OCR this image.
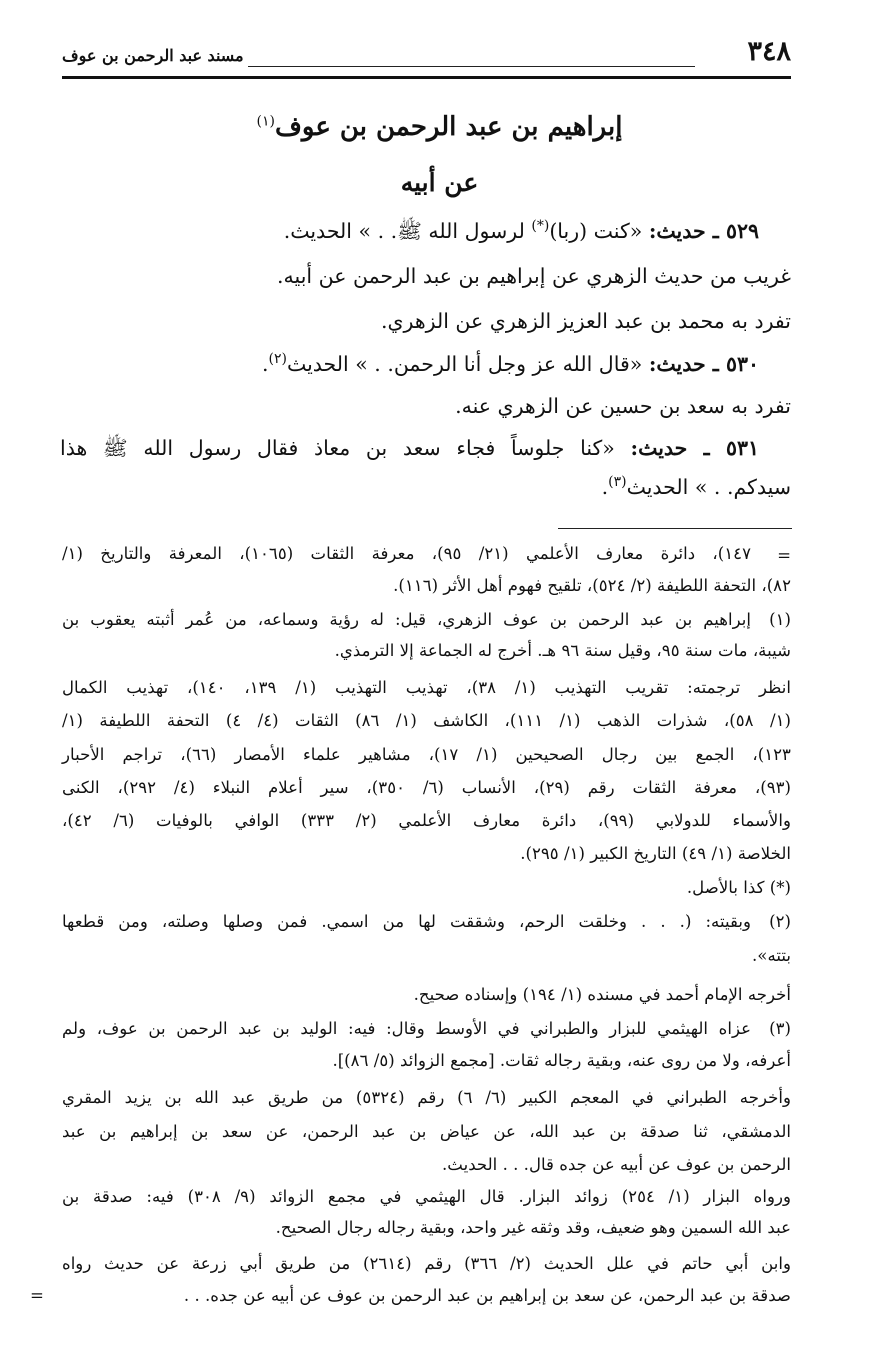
٣٤٨
مسند عبد الرحمن بن عوف
إبراهيم بن عبد الرحمن بن عوف$^{(١)}$
عن أبيه
٥٢٩ ـ حديث: «كنت (ربا)(*) لرسول الله ﷺ. . » الحديث.
غريب من حديث الزهري عن إبراهيم بن عبد الرحمن عن أبيه.
تفرد به محمد بن عبد العزيز الزهري عن الزهري.
٥٣٠ ـ حديث: «قال الله عز وجل أنا الرحمن. . » الحديث$^{(٢)}$.
تفرد به سعد بن حسين عن الزهري عنه.
٥٣١ ـ حديث: «كنا جلوساً فجاء سعد بن معاذ فقال رسول الله ﷺ هذا
سيدكم. . » الحديث$^{(٣)}$.
=
١٤٧)، دائرة معارف الأعلمي (٢١/ ٩٥)، معرفة الثقات (١٠٦٥)، المعرفة والتاريخ (١/
٨٢)، التحفة اللطيفة (٢/ ٥٢٤)، تلقيح فهوم أهل الأثر (١١٦).
(١)
إبراهيم بن عبد الرحمن بن عوف الزهري، قيل: له رؤية وسماعه، من عُمر أثبته يعقوب بن
شيبة، مات سنة ٩٥، وقيل سنة ٩٦ هـ. أخرج له الجماعة إلا الترمذي.
انظر ترجمته: تقريب التهذيب (١/ ٣٨)، تهذيب التهذيب (١/ ١٣٩، ١٤٠)، تهذيب الكمال
(١/ ٥٨)، شذرات الذهب (١/ ١١١)، الكاشف (١/ ٨٦) الثقات (٤/ ٤) التحفة اللطيفة (١/
١٢٣)، الجمع بين رجال الصحيحين (١/ ١٧)، مشاهير علماء الأمصار (٦٦)، تراجم الأحبار
(٩٣)، معرفة الثقات رقم (٢٩)، الأنساب (٦/ ٣٥٠)، سير أعلام النبلاء (٤/ ٢٩٢)، الكنى
والأسماء للدولابي (٩٩)، دائرة معارف الأعلمي (٢/ ٣٣٣) الوافي بالوفيات (٦/ ٤٢)،
الخلاصة (١/ ٤٩) التاريخ الكبير (١/ ٢٩٥).
(*) كذا بالأصل.
(٢)
وبقيته: (. . . وخلقت الرحم، وشققت لها من اسمي. فمن وصلها وصلته، ومن قطعها
بتته».
أخرجه الإمام أحمد في مسنده (١/ ١٩٤) وإسناده صحيح.
(٣)
عزاه الهيثمي للبزار والطبراني في الأوسط وقال: فيه: الوليد بن عبد الرحمن بن عوف، ولم
أعرفه، ولا من روى عنه، وبقية رجاله ثقات. [مجمع الزوائد (٥/ ٨٦)].
وأخرجه الطبراني في المعجم الكبير (٦/ ٦) رقم (٥٣٢٤) من طريق عبد الله بن يزيد المقري
الدمشقي، ثنا صدقة بن عبد الله، عن عياض بن عبد الرحمن، عن سعد بن إبراهيم بن عبد
الرحمن بن عوف عن أبيه عن جده قال. . . الحديث.
ورواه البزار (١/ ٢٥٤) زوائد البزار. قال الهيثمي في مجمع الزوائد (٩/ ٣٠٨) فيه: صدقة بن
عبد الله السمين وهو ضعيف، وقد وثقه غير واحد، وبقية رجاله رجال الصحيح.
وابن أبي حاتم في علل الحديث (٢/ ٣٦٦) رقم (٢٦١٤) من طريق أبي زرعة عن حديث رواه
صدقة بن عبد الرحمن، عن سعد بن إبراهيم بن عبد الرحمن بن عوف عن أبيه عن جده. . .
=
